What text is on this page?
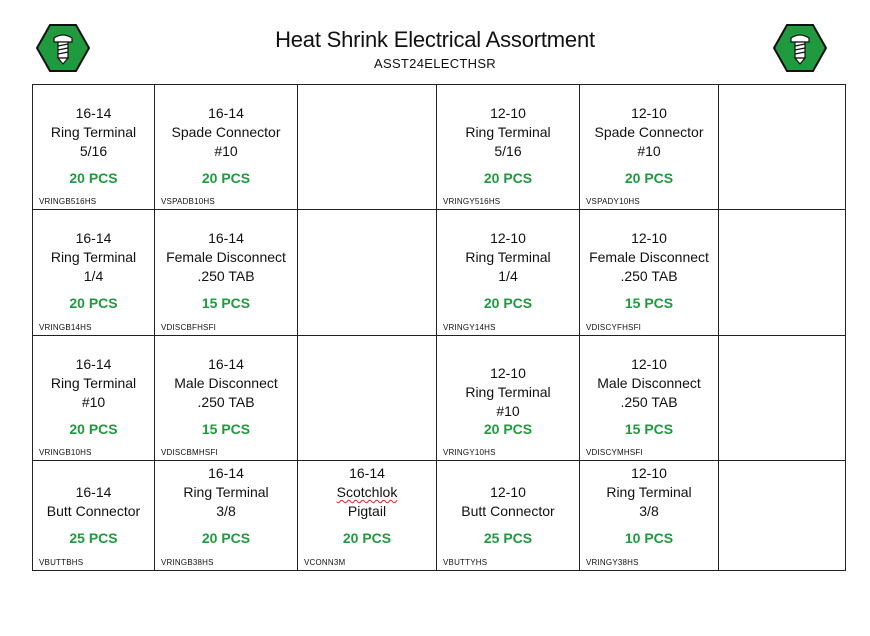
Heat Shrink Electrical Assortment
ASST24ELECTHSR
16-14
Ring Terminal
5/16
20 PCS
VRINGB516HS
16-14
Spade Connector
#10
20 PCS
VSPADB10HS
12-10
Ring Terminal
5/16
20 PCS
VRINGY516HS
12-10
Spade Connector
#10
20 PCS
VSPADY10HS
16-14
Ring Terminal
1/4
20 PCS
VRINGB14HS
16-14
Female Disconnect
.250 TAB
15 PCS
VDISCBFHSFI
12-10
Ring Terminal
1/4
20 PCS
VRINGY14HS
12-10
Female Disconnect
.250 TAB
15 PCS
VDISCYFHSFI
16-14
Ring Terminal
#10
20 PCS
VRINGB10HS
16-14
Male Disconnect
.250 TAB
15 PCS
VDISCBMHSFI
12-10
Ring Terminal
#10
20 PCS
VRINGY10HS
12-10
Male Disconnect
.250 TAB
15 PCS
VDISCYMHSFI
16-14
Butt Connector
25 PCS
VBUTTBHS
16-14
Ring Terminal
3/8
20 PCS
VRINGB38HS
16-14
Scotchlok
Pigtail
20 PCS
VCONN3M
12-10
Butt Connector
25 PCS
VBUTTYHS
12-10
Ring Terminal
3/8
10 PCS
VRINGY38HS
